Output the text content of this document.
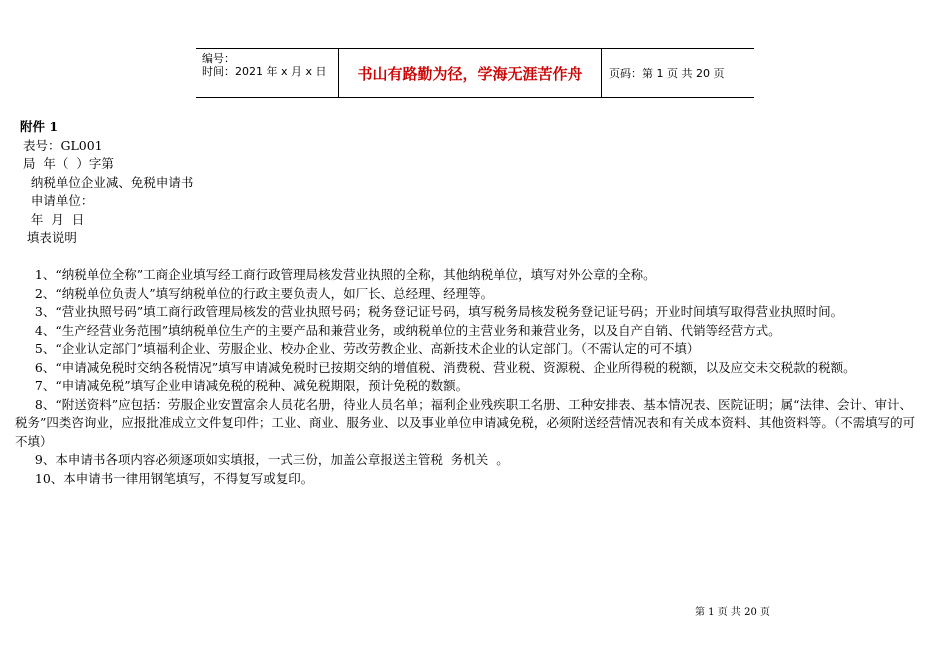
编号：
时间：2021 年 x 月 x 日	书山有路勤为径，学海无涯苦作舟	页码：第 1 页 共 20 页

附件 1

表号：GL001

局  年（  ）字第

纳税单位企业减、免税申请书

申请单位：

年  月  日

填表说明

1、“纳税单位全称”工商企业填写经工商行政管理局核发营业执照的全称，其他纳税单位，填写对外公章的全称。

2、“纳税单位负责人”填写纳税单位的行政主要负责人，如厂长、总经理、经理等。

3、“营业执照号码”填工商行政管理局核发的营业执照号码；税务登记证号码，填写税务局核发税务登记证号码；开业时间填写取得营业执照时间。

4、“生产经营业务范围”填纳税单位生产的主要产品和兼营业务，或纳税单位的主营业务和兼营业务，以及自产自销、代销等经营方式。

5、“企业认定部门”填福利企业、劳服企业、校办企业、劳改劳教企业、高新技术企业的认定部门。（不需认定的可不填）

6、“申请减免税时交纳各税情况”填写申请减免税时已按期交纳的增值税、消费税、营业税、资源税、企业所得税的税额，以及应交未交税款的税额。

7、“申请减免税”填写企业申请减免税的税种、减免税期限，预计免税的数额。

8、“附送资料”应包括：劳服企业安置富余人员花名册，待业人员名单；福利企业残疾职工名册、工种安排表、基本情况表、医院证明；属“法律、会计、审计、税务”四类咨询业，应报批准成立文件复印件；工业、商业、服务业、以及事业单位申请减免税，必须附送经营情况表和有关成本资料、其他资料等。（不需填写的可不填）

9、本申请书各项内容必须逐项如实填报，一式三份，加盖公章报送主管税  务机关  。

10、本申请书一律用钢笔填写，不得复写或复印。

第 1 页 共 20 页
